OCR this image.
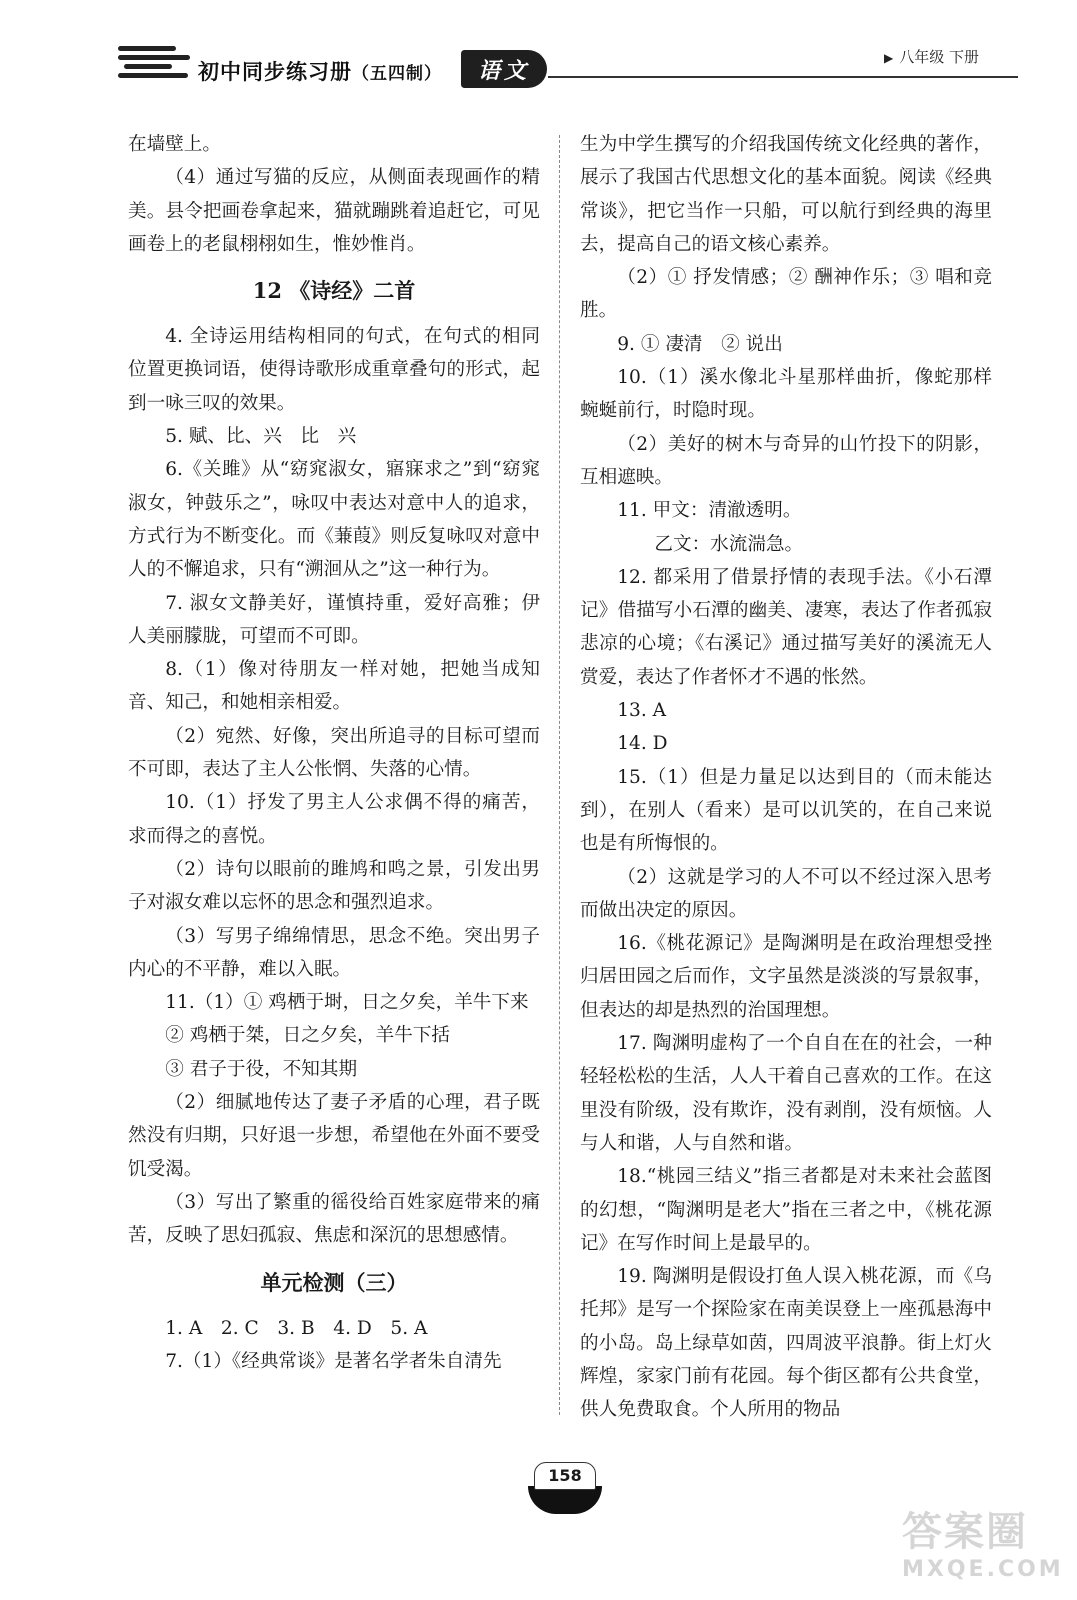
初中同步练习册（五四制）	语文	▶ 八年级 下册

在墙壁上。

（4）通过写猫的反应，从侧面表现画作的精美。县令把画卷拿起来，猫就蹦跳着追赶它，可见画卷上的老鼠栩栩如生，惟妙惟肖。

12 《诗经》二首

4. 全诗运用结构相同的句式，在句式的相同位置更换词语，使得诗歌形成重章叠句的形式，起到一咏三叹的效果。

5. 赋、比、兴　比　兴

6.《关雎》从“窈窕淑女，寤寐求之”到“窈窕淑女，钟鼓乐之”，咏叹中表达对意中人的追求，方式行为不断变化。而《蒹葭》则反复咏叹对意中人的不懈追求，只有“溯洄从之”这一种行为。

7. 淑女文静美好，谨慎持重，爱好高雅；伊人美丽朦胧，可望而不可即。

8.（1）像对待朋友一样对她，把她当成知音、知己，和她相亲相爱。

（2）宛然、好像，突出所追寻的目标可望而不可即，表达了主人公怅惘、失落的心情。

10.（1）抒发了男主人公求偶不得的痛苦，求而得之的喜悦。

（2）诗句以眼前的雎鸠和鸣之景，引发出男子对淑女难以忘怀的思念和强烈追求。

（3）写男子绵绵情思，思念不绝。突出男子内心的不平静，难以入眠。

11.（1）① 鸡栖于埘，日之夕矣，羊牛下来

② 鸡栖于桀，日之夕矣，羊牛下括

③ 君子于役，不知其期

（2）细腻地传达了妻子矛盾的心理，君子既然没有归期，只好退一步想，希望他在外面不要受饥受渴。

（3）写出了繁重的徭役给百姓家庭带来的痛苦，反映了思妇孤寂、焦虑和深沉的思想感情。

单元检测（三）

1. A　2. C　3. B　4. D　5. A

7.（1）《经典常谈》是著名学者朱自清先

生为中学生撰写的介绍我国传统文化经典的著作，展示了我国古代思想文化的基本面貌。阅读《经典常谈》，把它当作一只船，可以航行到经典的海里去，提高自己的语文核心素养。

（2）① 抒发情感；② 酬神作乐；③ 唱和竞胜。

9. ① 凄清　② 说出

10.（1）溪水像北斗星那样曲折，像蛇那样蜿蜒前行，时隐时现。

（2）美好的树木与奇异的山竹投下的阴影，互相遮映。

11. 甲文：清澈透明。

乙文：水流湍急。

12. 都采用了借景抒情的表现手法。《小石潭记》借描写小石潭的幽美、凄寒，表达了作者孤寂悲凉的心境；《右溪记》通过描写美好的溪流无人赏爱，表达了作者怀才不遇的怅然。

13. A

14. D

15.（1）但是力量足以达到目的（而未能达到），在别人（看来）是可以讥笑的，在自己来说也是有所悔恨的。

（2）这就是学习的人不可以不经过深入思考而做出决定的原因。

16.《桃花源记》是陶渊明是在政治理想受挫归居田园之后而作，文字虽然是淡淡的写景叙事，但表达的却是热烈的治国理想。

17. 陶渊明虚构了一个自自在在的社会，一种轻轻松松的生活，人人干着自己喜欢的工作。在这里没有阶级，没有欺诈，没有剥削，没有烦恼。人与人和谐，人与自然和谐。

18.“桃园三结义”指三者都是对未来社会蓝图的幻想，“陶渊明是老大”指在三者之中，《桃花源记》在写作时间上是最早的。

19. 陶渊明是假设打鱼人误入桃花源，而《乌托邦》是写一个探险家在南美误登上一座孤悬海中的小岛。岛上绿草如茵，四周波平浪静。街上灯火辉煌，家家门前有花园。每个街区都有公共食堂，供人免费取食。个人所用的物品

158
答案圈
MXQE.COM
